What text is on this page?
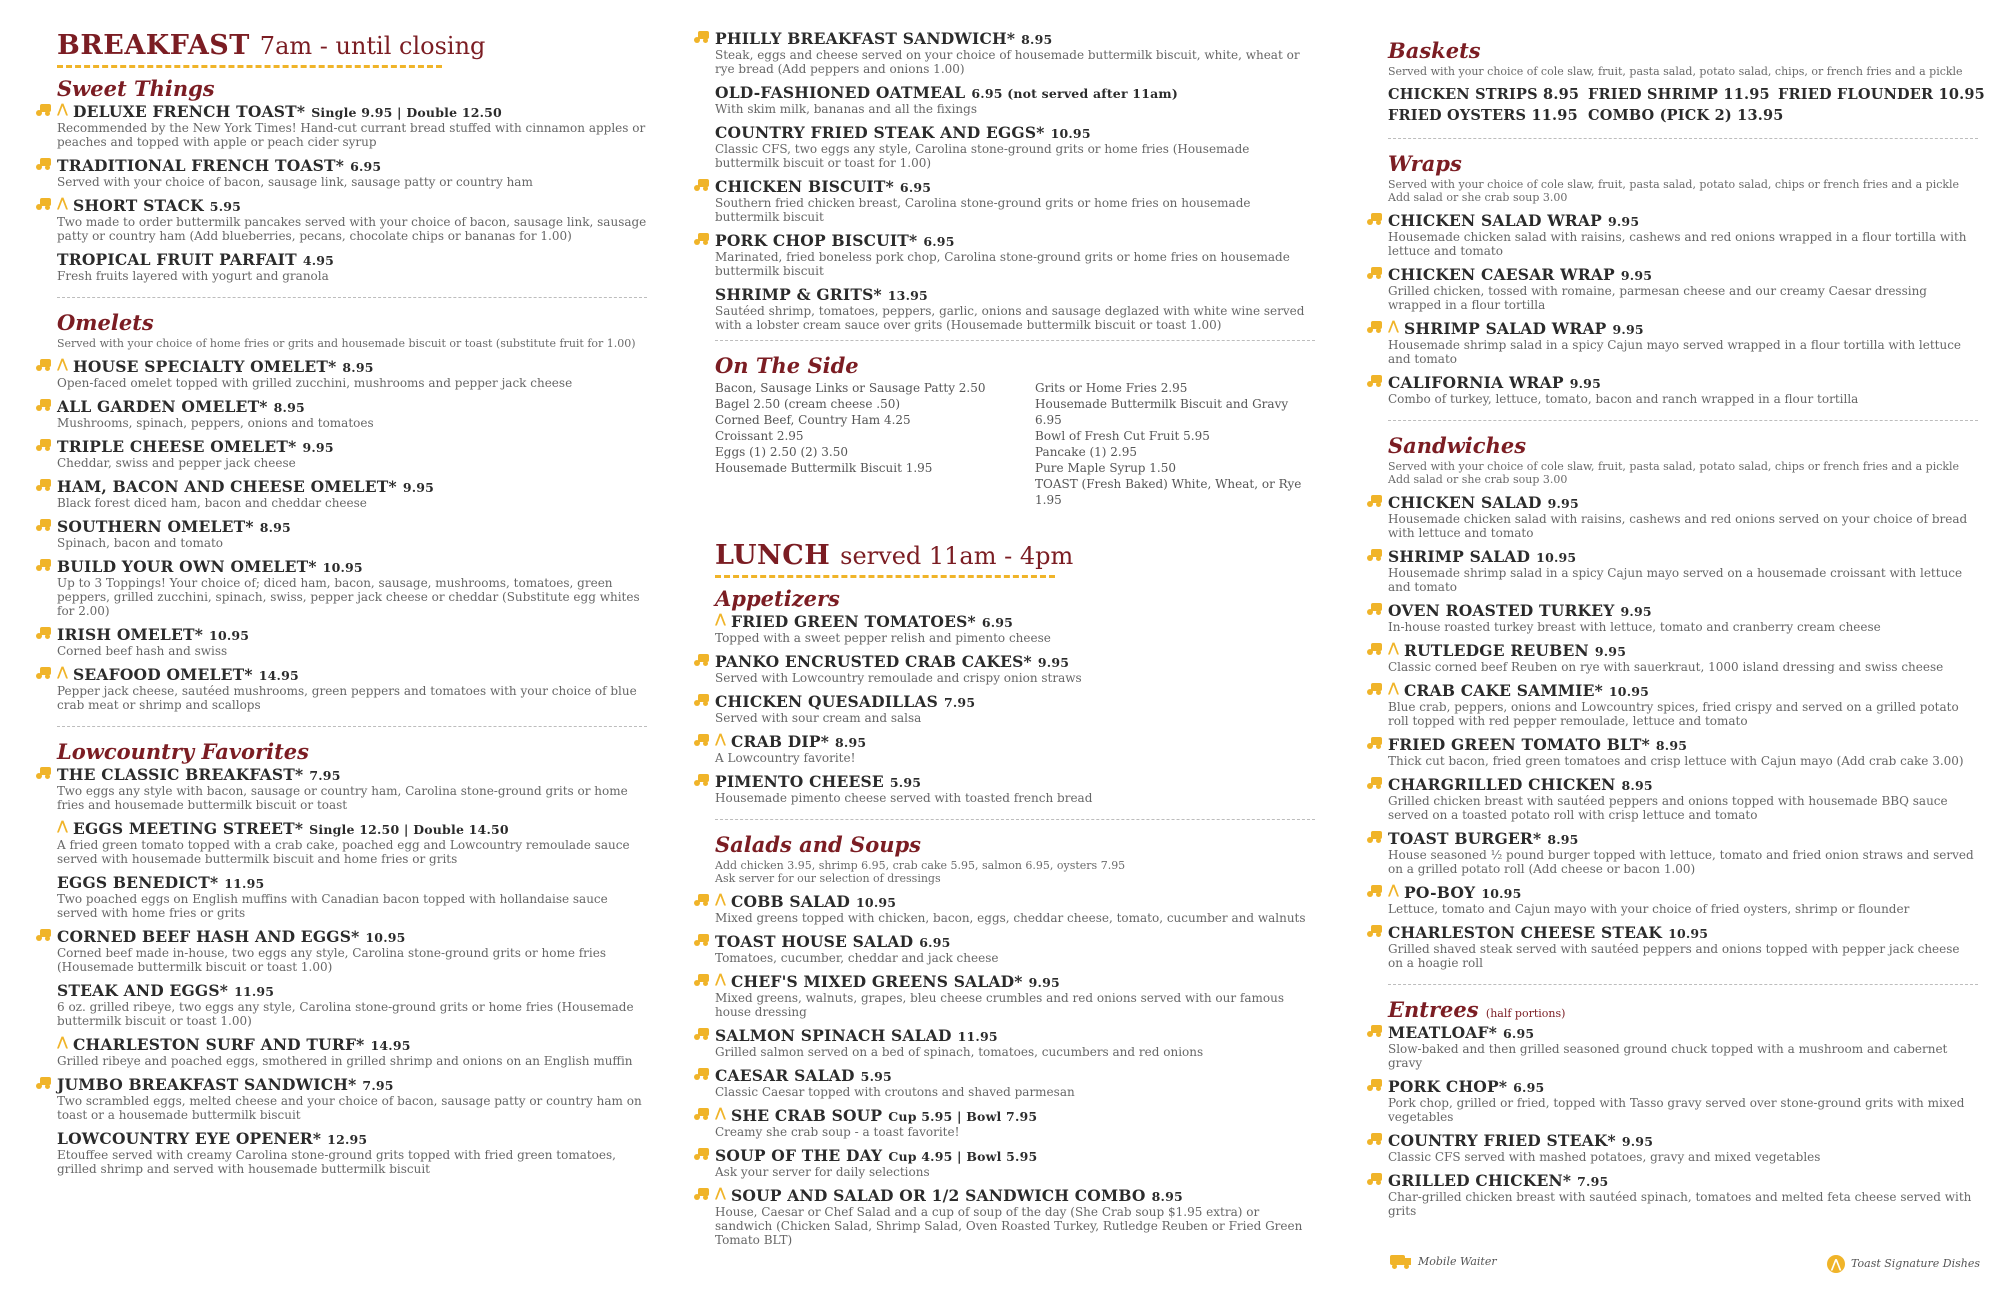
BREAKFAST 7am - until closing
Sweet Things
⋀ DELUXE FRENCH TOAST* Single 9.95 | Double 12.50
Recommended by the New York Times! Hand-cut currant bread stuffed with cinnamon apples or peaches and topped with apple or peach cider syrup
TRADITIONAL FRENCH TOAST* 6.95
Served with your choice of bacon, sausage link, sausage patty or country ham
⋀ SHORT STACK 5.95
Two made to order buttermilk pancakes served with your choice of bacon, sausage link, sausage patty or country ham (Add blueberries, pecans, chocolate chips or bananas for 1.00)
TROPICAL FRUIT PARFAIT 4.95
Fresh fruits layered with yogurt and granola
Omelets
Served with your choice of home fries or grits and housemade biscuit or toast (substitute fruit for 1.00)
⋀ HOUSE SPECIALTY OMELET* 8.95
Open-faced omelet topped with grilled zucchini, mushrooms and pepper jack cheese
ALL GARDEN OMELET* 8.95
Mushrooms, spinach, peppers, onions and tomatoes
TRIPLE CHEESE OMELET* 9.95
Cheddar, swiss and pepper jack cheese
HAM, BACON AND CHEESE OMELET* 9.95
Black forest diced ham, bacon and cheddar cheese
SOUTHERN OMELET* 8.95
Spinach, bacon and tomato
BUILD YOUR OWN OMELET* 10.95
Up to 3 Toppings! Your choice of; diced ham, bacon, sausage, mushrooms, tomatoes, green peppers, grilled zucchini, spinach, swiss, pepper jack cheese or cheddar (Substitute egg whites for 2.00)
IRISH OMELET* 10.95
Corned beef hash and swiss
⋀ SEAFOOD OMELET* 14.95
Pepper jack cheese, sautéed mushrooms, green peppers and tomatoes with your choice of blue crab meat or shrimp and scallops
Lowcountry Favorites
THE CLASSIC BREAKFAST* 7.95
Two eggs any style with bacon, sausage or country ham, Carolina stone-ground grits or home fries and housemade buttermilk biscuit or toast
⋀ EGGS MEETING STREET* Single 12.50 | Double 14.50
A fried green tomato topped with a crab cake, poached egg and Lowcountry remoulade sauce served with housemade buttermilk biscuit and home fries or grits
EGGS BENEDICT* 11.95
Two poached eggs on English muffins with Canadian bacon topped with hollandaise sauce served with home fries or grits
CORNED BEEF HASH AND EGGS* 10.95
Corned beef made in-house, two eggs any style, Carolina stone-ground grits or home fries (Housemade buttermilk biscuit or toast 1.00)
STEAK AND EGGS* 11.95
6 oz. grilled ribeye, two eggs any style, Carolina stone-ground grits or home fries (Housemade buttermilk biscuit or toast 1.00)
⋀ CHARLESTON SURF AND TURF* 14.95
Grilled ribeye and poached eggs, smothered in grilled shrimp and onions on an English muffin
JUMBO BREAKFAST SANDWICH* 7.95
Two scrambled eggs, melted cheese and your choice of bacon, sausage patty or country ham on toast or a housemade buttermilk biscuit
LOWCOUNTRY EYE OPENER* 12.95
Etouffee served with creamy Carolina stone-ground grits topped with fried green tomatoes, grilled shrimp and served with housemade buttermilk biscuit
PHILLY BREAKFAST SANDWICH* 8.95
Steak, eggs and cheese served on your choice of housemade buttermilk biscuit, white, wheat or rye bread (Add peppers and onions 1.00)
OLD-FASHIONED OATMEAL 6.95 (not served after 11am)
With skim milk, bananas and all the fixings
COUNTRY FRIED STEAK AND EGGS* 10.95
Classic CFS, two eggs any style, Carolina stone-ground grits or home fries (Housemade buttermilk biscuit or toast for 1.00)
CHICKEN BISCUIT* 6.95
Southern fried chicken breast, Carolina stone-ground grits or home fries on housemade buttermilk biscuit
PORK CHOP BISCUIT* 6.95
Marinated, fried boneless pork chop, Carolina stone-ground grits or home fries on housemade buttermilk biscuit
SHRIMP & GRITS* 13.95
Sautéed shrimp, tomatoes, peppers, garlic, onions and sausage deglazed with white wine served with a lobster cream sauce over grits (Housemade buttermilk biscuit or toast 1.00)
On The Side
Bacon, Sausage Links or Sausage Patty 2.50
Bagel 2.50 (cream cheese .50)
Corned Beef, Country Ham 4.25
Croissant 2.95
Eggs (1) 2.50 (2) 3.50
Housemade Buttermilk Biscuit 1.95
Grits or Home Fries 2.95
Housemade Buttermilk Biscuit and Gravy 6.95
Bowl of Fresh Cut Fruit 5.95
Pancake (1) 2.95
Pure Maple Syrup 1.50
TOAST (Fresh Baked) White, Wheat, or Rye 1.95
LUNCH served 11am - 4pm
Appetizers
⋀ FRIED GREEN TOMATOES* 6.95
Topped with a sweet pepper relish and pimento cheese
PANKO ENCRUSTED CRAB CAKES* 9.95
Served with Lowcountry remoulade and crispy onion straws
CHICKEN QUESADILLAS 7.95
Served with sour cream and salsa
⋀ CRAB DIP* 8.95
A Lowcountry favorite!
PIMENTO CHEESE 5.95
Housemade pimento cheese served with toasted french bread
Salads and Soups
Add chicken 3.95, shrimp 6.95, crab cake 5.95, salmon 6.95, oysters 7.95
Ask server for our selection of dressings
⋀ COBB SALAD 10.95
Mixed greens topped with chicken, bacon, eggs, cheddar cheese, tomato, cucumber and walnuts
TOAST HOUSE SALAD 6.95
Tomatoes, cucumber, cheddar and jack cheese
⋀ CHEF'S MIXED GREENS SALAD* 9.95
Mixed greens, walnuts, grapes, bleu cheese crumbles and red onions served with our famous house dressing
SALMON SPINACH SALAD 11.95
Grilled salmon served on a bed of spinach, tomatoes, cucumbers and red onions
CAESAR SALAD 5.95
Classic Caesar topped with croutons and shaved parmesan
⋀ SHE CRAB SOUP Cup 5.95 | Bowl 7.95
Creamy she crab soup - a toast favorite!
SOUP OF THE DAY Cup 4.95 | Bowl 5.95
Ask your server for daily selections
⋀ SOUP AND SALAD OR 1/2 SANDWICH COMBO 8.95
House, Caesar or Chef Salad and a cup of soup of the day (She Crab soup $1.95 extra) or sandwich (Chicken Salad, Shrimp Salad, Oven Roasted Turkey, Rutledge Reuben or Fried Green Tomato BLT)
Baskets
Served with your choice of cole slaw, fruit, pasta salad, potato salad, chips, or french fries and a pickle
CHICKEN STRIPS 8.95 FRIED SHRIMP 11.95 FRIED FLOUNDER 10.95
FRIED OYSTERS 11.95 COMBO (PICK 2) 13.95
Wraps
Served with your choice of cole slaw, fruit, pasta salad, potato salad, chips or french fries and a pickle
Add salad or she crab soup 3.00
CHICKEN SALAD WRAP 9.95
Housemade chicken salad with raisins, cashews and red onions wrapped in a flour tortilla with lettuce and tomato
CHICKEN CAESAR WRAP 9.95
Grilled chicken, tossed with romaine, parmesan cheese and our creamy Caesar dressing wrapped in a flour tortilla
⋀ SHRIMP SALAD WRAP 9.95
Housemade shrimp salad in a spicy Cajun mayo served wrapped in a flour tortilla with lettuce and tomato
CALIFORNIA WRAP 9.95
Combo of turkey, lettuce, tomato, bacon and ranch wrapped in a flour tortilla
Sandwiches
Served with your choice of cole slaw, fruit, pasta salad, potato salad, chips or french fries and a pickle
Add salad or she crab soup 3.00
CHICKEN SALAD 9.95
Housemade chicken salad with raisins, cashews and red onions served on your choice of bread with lettuce and tomato
SHRIMP SALAD 10.95
Housemade shrimp salad in a spicy Cajun mayo served on a housemade croissant with lettuce and tomato
OVEN ROASTED TURKEY 9.95
In-house roasted turkey breast with lettuce, tomato and cranberry cream cheese
⋀ RUTLEDGE REUBEN 9.95
Classic corned beef Reuben on rye with sauerkraut, 1000 island dressing and swiss cheese
⋀ CRAB CAKE SAMMIE* 10.95
Blue crab, peppers, onions and Lowcountry spices, fried crispy and served on a grilled potato roll topped with red pepper remoulade, lettuce and tomato
FRIED GREEN TOMATO BLT* 8.95
Thick cut bacon, fried green tomatoes and crisp lettuce with Cajun mayo (Add crab cake 3.00)
CHARGRILLED CHICKEN 8.95
Grilled chicken breast with sautéed peppers and onions topped with housemade BBQ sauce served on a toasted potato roll with crisp lettuce and tomato
TOAST BURGER* 8.95
House seasoned ½ pound burger topped with lettuce, tomato and fried onion straws and served on a grilled potato roll (Add cheese or bacon 1.00)
⋀ PO-BOY 10.95
Lettuce, tomato and Cajun mayo with your choice of fried oysters, shrimp or flounder
CHARLESTON CHEESE STEAK 10.95
Grilled shaved steak served with sautéed peppers and onions topped with pepper jack cheese on a hoagie roll
Entrees (half portions)
MEATLOAF* 6.95
Slow-baked and then grilled seasoned ground chuck topped with a mushroom and cabernet gravy
PORK CHOP* 6.95
Pork chop, grilled or fried, topped with Tasso gravy served over stone-ground grits with mixed vegetables
COUNTRY FRIED STEAK* 9.95
Classic CFS served with mashed potatoes, gravy and mixed vegetables
GRILLED CHICKEN* 7.95
Char-grilled chicken breast with sautéed spinach, tomatoes and melted feta cheese served with grits
Mobile Waiter	⋀ Toast Signature Dishes
